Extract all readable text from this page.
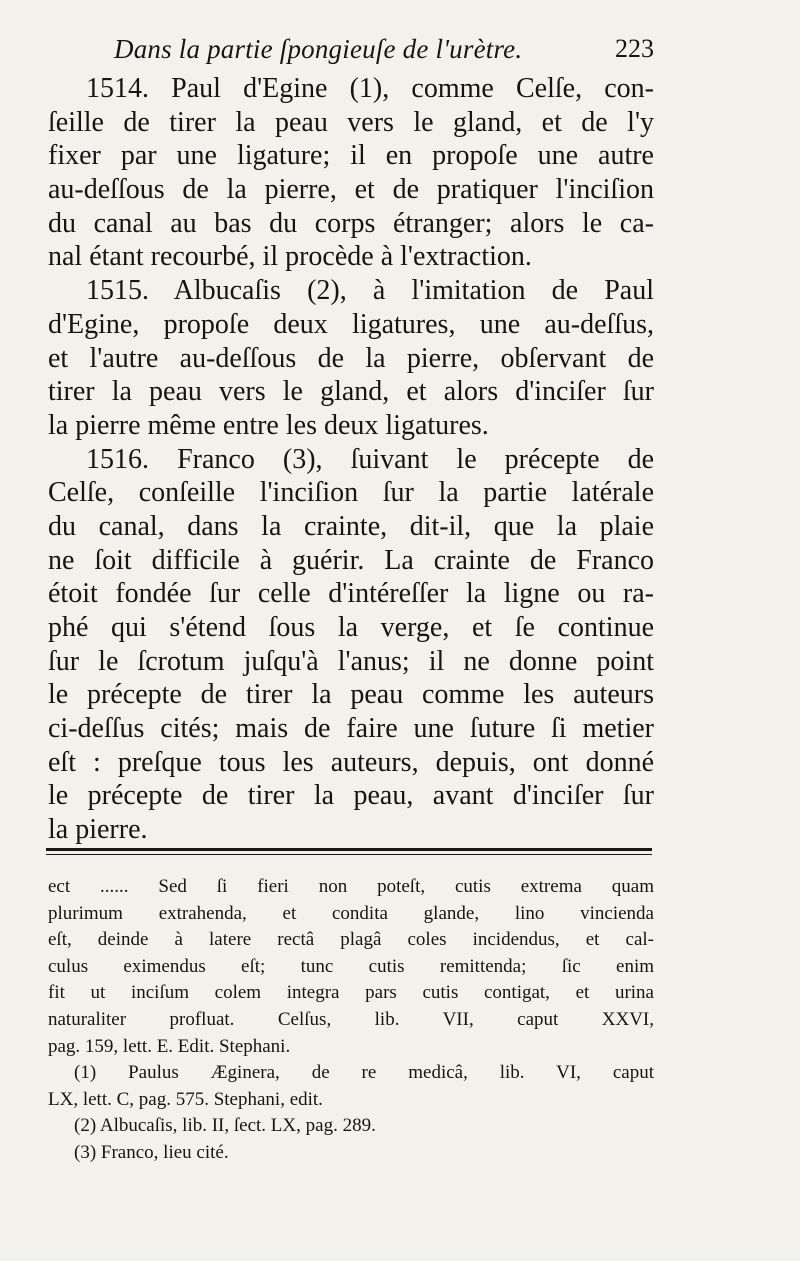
Dans la partie ſpongieuſe de l'urètre.	223
1514. Paul d'Egine (1), comme Celſe, con-
ſeille de tirer la peau vers le gland, et de l'y
fixer par une ligature; il en propoſe une autre
au-deſſous de la pierre, et de pratiquer l'inciſion
du canal au bas du corps étranger; alors le ca-
nal étant recourbé, il procède à l'extraction.
1515. Albucaſis (2), à l'imitation de Paul
d'Egine, propoſe deux ligatures, une au-deſſus,
et l'autre au-deſſous de la pierre, obſervant de
tirer la peau vers le gland, et alors d'inciſer ſur
la pierre même entre les deux ligatures.
1516. Franco (3), ſuivant le précepte de
Celſe, conſeille l'inciſion ſur la partie latérale
du canal, dans la crainte, dit-il, que la plaie
ne ſoit difficile à guérir. La crainte de Franco
étoit fondée ſur celle d'intéreſſer la ligne ou ra-
phé qui s'étend ſous la verge, et ſe continue
ſur le ſcrotum juſqu'à l'anus; il ne donne point
le précepte de tirer la peau comme les auteurs
ci-deſſus cités; mais de faire une ſuture ſi metier
eſt : preſque tous les auteurs, depuis, ont donné
le précepte de tirer la peau, avant d'inciſer ſur
la pierre.
ect ...... Sed ſi fieri non poteſt, cutis extrema quam
plurimum extrahenda, et condita glande, lino vincienda
eſt, deinde à latere rectâ plagâ coles incidendus, et cal-
culus eximendus eſt; tunc cutis remittenda; ſic enim
fit ut inciſum colem integra pars cutis contigat, et urina
naturaliter profluat. Celſus, lib. VII, caput XXVI,
pag. 159, lett. E. Edit. Stephani.
(1) Paulus Æginera, de re medicâ, lib. VI, caput
LX, lett. C, pag. 575. Stephani, edit.
(2) Albucaſis, lib. II, ſect. LX, pag. 289.
(3) Franco, lieu cité.
